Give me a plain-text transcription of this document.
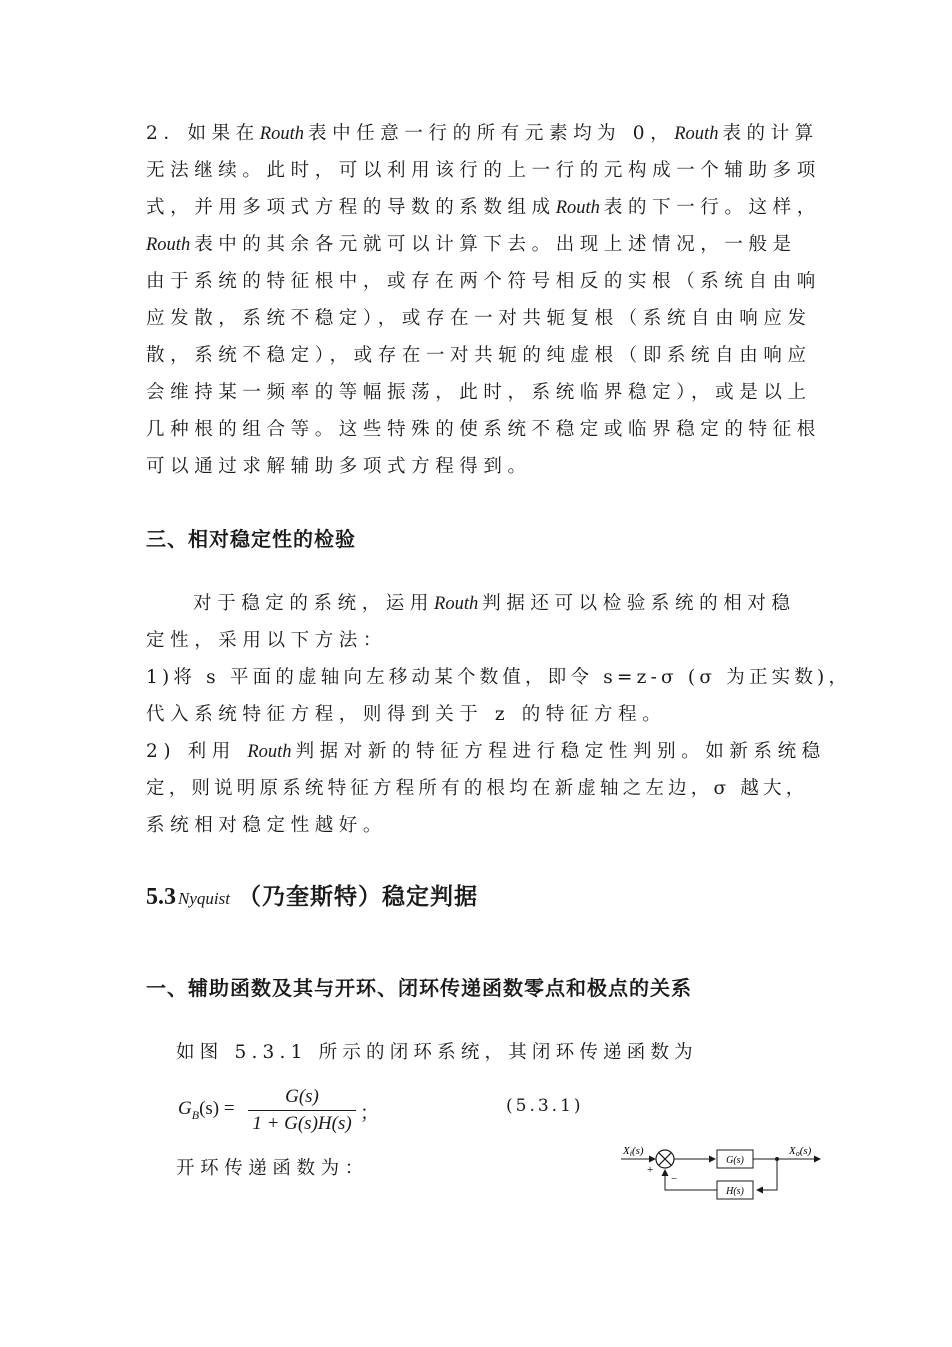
2．如果在Routh 表中任意一行的所有元素均为 0，Routh 表的计算
无法继续。此时，可以利用该行的上一行的元构成一个辅助多项
式，并用多项式方程的导数的系数组成Routh 表的下一行。这样，
Routh 表中的其余各元就可以计算下去。出现上述情况，一般是
由于系统的特征根中，或存在两个符号相反的实根（系统自由响
应发散，系统不稳定），或存在一对共轭复根（系统自由响应发
散，系统不稳定），或存在一对共轭的纯虚根（即系统自由响应
会维持某一频率的等幅振荡，此时，系统临界稳定），或是以上
几种根的组合等。这些特殊的使系统不稳定或临界稳定的特征根
可以通过求解辅助多项式方程得到。
三、相对稳定性的检验
对于稳定的系统，运用Routh 判据还可以检验系统的相对稳
定性，采用以下方法：
1)将 s 平面的虚轴向左移动某个数值，即令 s=z-σ (σ 为正实数)，
代入系统特征方程，则得到关于 z 的特征方程。
2) 利用 Routh 判据对新的特征方程进行稳定性判别。如新系统稳
定，则说明原系统特征方程所有的根均在新虚轴之左边，σ 越大，
系统相对稳定性越好。
5.3 Nyquist （乃奎斯特）稳定判据
一、辅助函数及其与开环、闭环传递函数零点和极点的关系
如图 5.3.1 所示的闭环系统，其闭环传递函数为
$G_B(s)$ =
G(s)
1 + G(s)H(s) ；	(5.3.1)
开环传递函数为：
Xi(s)
+
−
G(s)
Xo(s)
H(s)
